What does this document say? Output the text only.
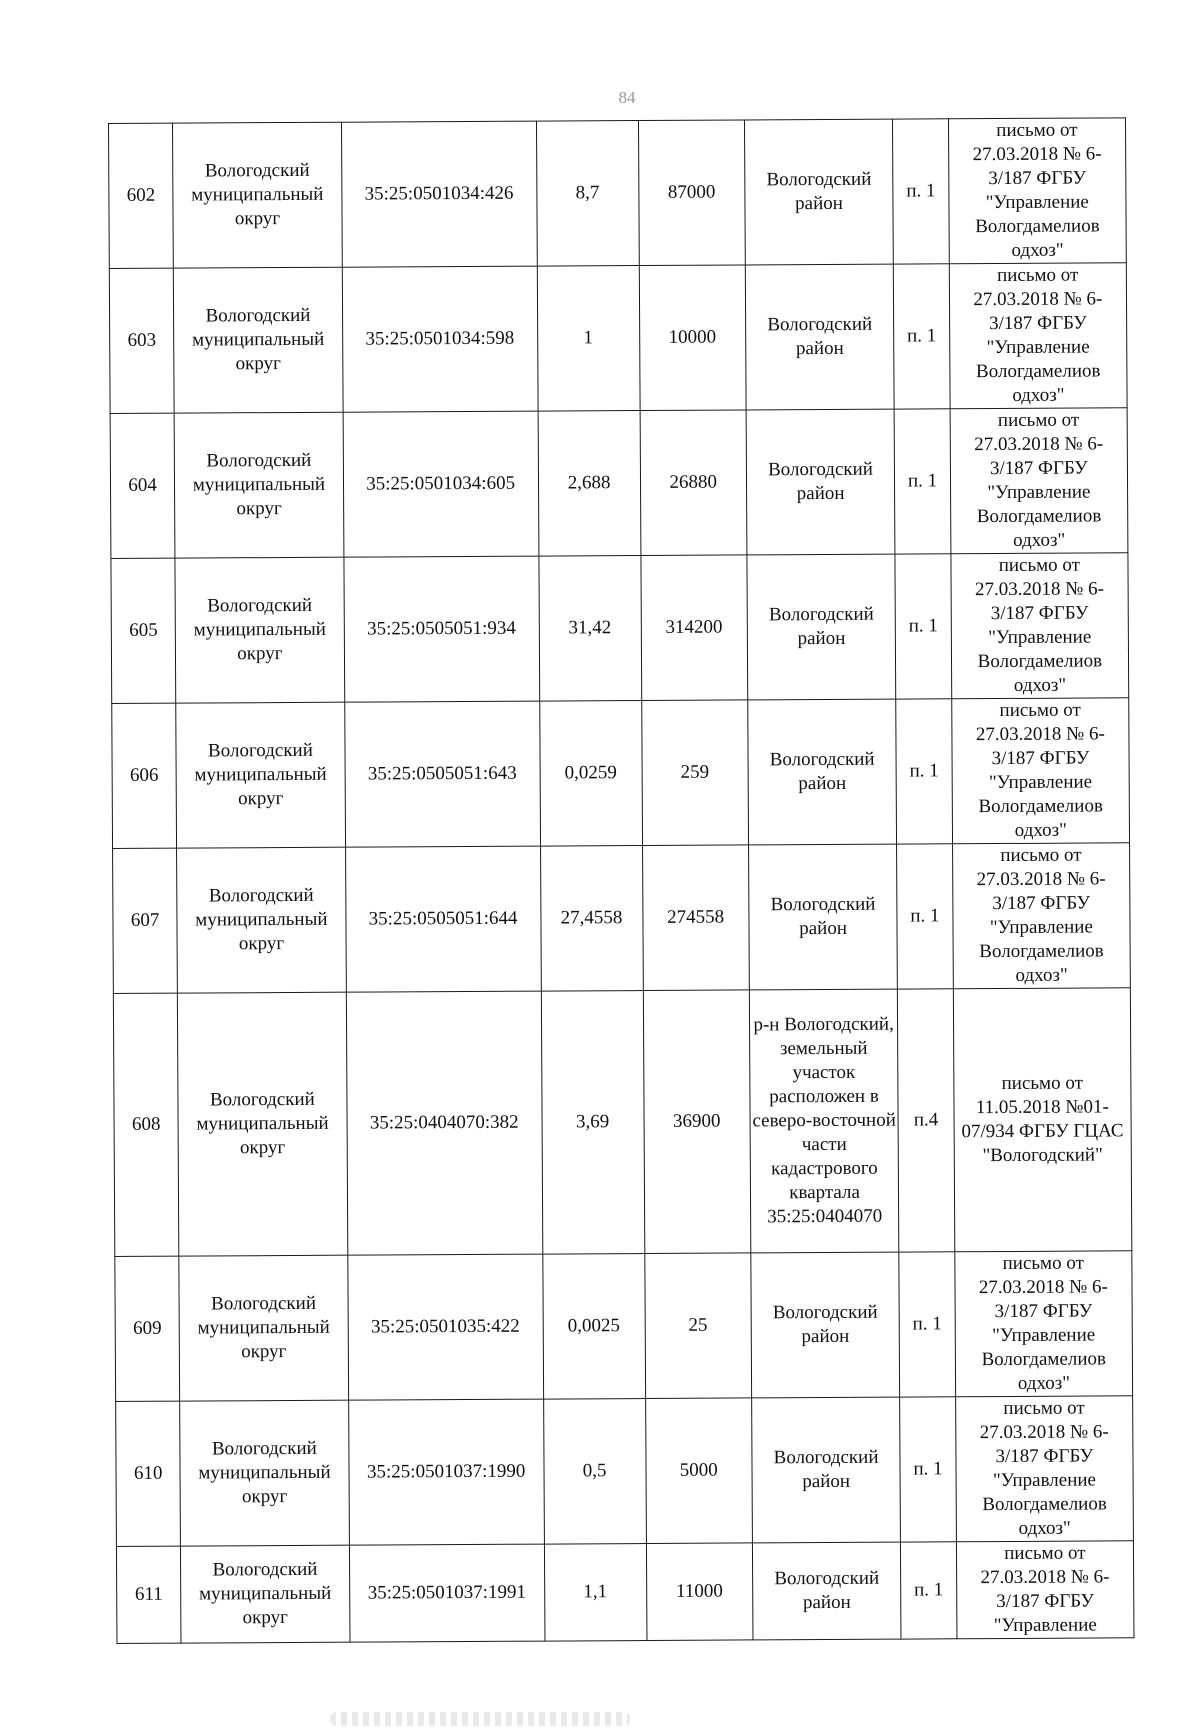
84
602	Вологодский муниципальный округ	35:25:0501034:426	8,7	87000	Вологодский район	п. 1	письмо от 27.03.2018 № 6-3/187 ФГБУ "Управление Вологдамелиов одхоз"
603	Вологодский муниципальный округ	35:25:0501034:598	1	10000	Вологодский район	п. 1	письмо от 27.03.2018 № 6-3/187 ФГБУ "Управление Вологдамелиов одхоз"
604	Вологодский муниципальный округ	35:25:0501034:605	2,688	26880	Вологодский район	п. 1	письмо от 27.03.2018 № 6-3/187 ФГБУ "Управление Вологдамелиов одхоз"
605	Вологодский муниципальный округ	35:25:0505051:934	31,42	314200	Вологодский район	п. 1	письмо от 27.03.2018 № 6-3/187 ФГБУ "Управление Вологдамелиов одхоз"
606	Вологодский муниципальный округ	35:25:0505051:643	0,0259	259	Вологодский район	п. 1	письмо от 27.03.2018 № 6-3/187 ФГБУ "Управление Вологдамелиов одхоз"
607	Вологодский муниципальный округ	35:25:0505051:644	27,4558	274558	Вологодский район	п. 1	письмо от 27.03.2018 № 6-3/187 ФГБУ "Управление Вологдамелиов одхоз"
608	Вологодский муниципальный округ	35:25:0404070:382	3,69	36900	р-н Вологодский, земельный участок расположен в северо-восточной части кадастрового квартала 35:25:0404070	п.4	письмо от 11.05.2018 №01-07/934 ФГБУ ГЦАС "Вологодский"
609	Вологодский муниципальный округ	35:25:0501035:422	0,0025	25	Вологодский район	п. 1	письмо от 27.03.2018 № 6-3/187 ФГБУ "Управление Вологдамелиов одхоз"
610	Вологодский муниципальный округ	35:25:0501037:1990	0,5	5000	Вологодский район	п. 1	письмо от 27.03.2018 № 6-3/187 ФГБУ "Управление Вологдамелиов одхоз"
611	Вологодский муниципальный округ	35:25:0501037:1991	1,1	11000	Вологодский район	п. 1	письмо от 27.03.2018 № 6-3/187 ФГБУ "Управление
